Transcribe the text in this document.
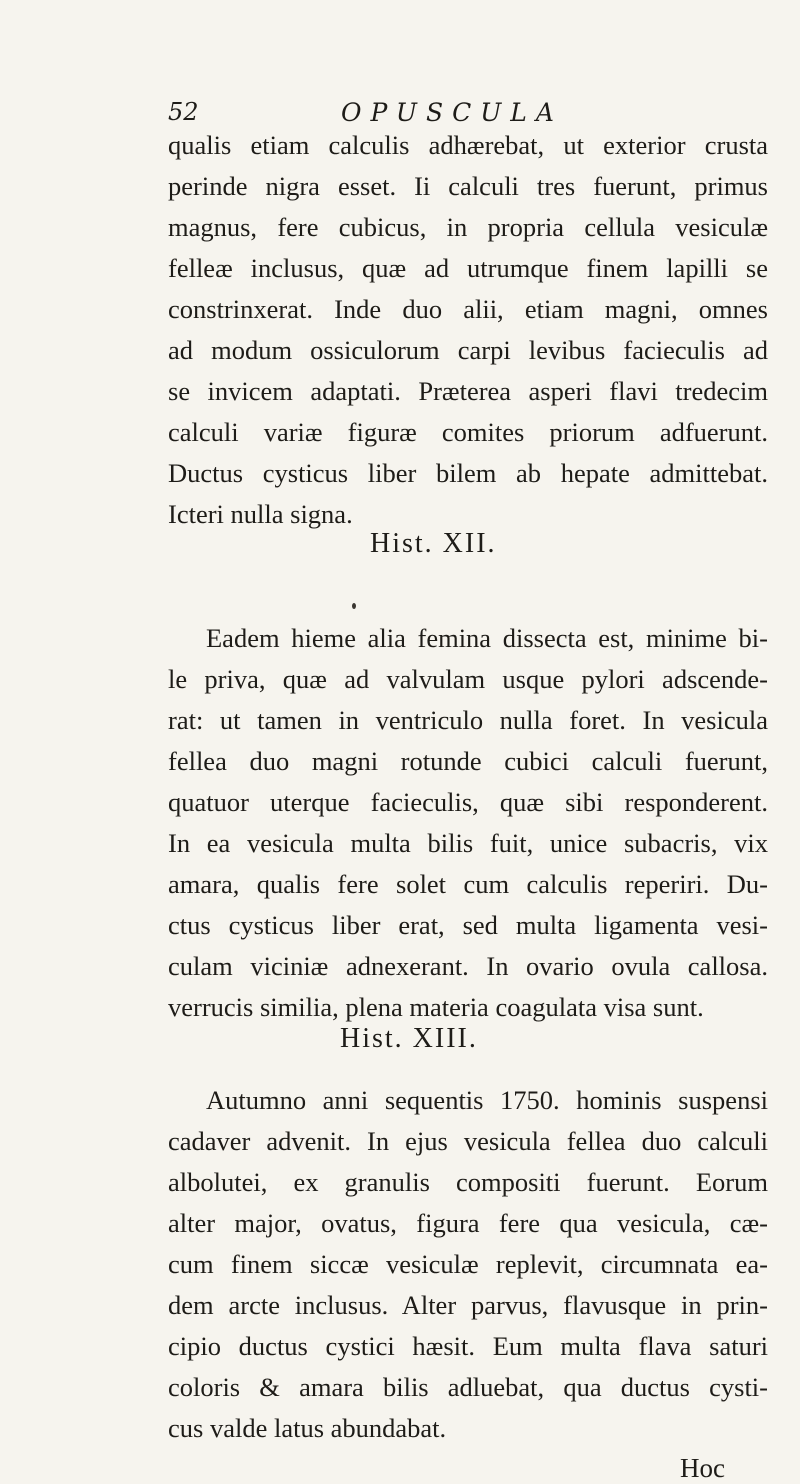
52	OPUSCULA
qualis etiam calculis adhærebat, ut exterior crusta
perinde nigra esset. Ii calculi tres fuerunt, primus
magnus, fere cubicus, in propria cellula vesiculæ
felleæ inclusus, quæ ad utrumque finem lapilli se
constrinxerat. Inde duo alii, etiam magni, omnes
ad modum ossiculorum carpi levibus facieculis ad
se invicem adaptati. Præterea asperi flavi tredecim
calculi variæ figuræ comites priorum adfuerunt.
Ductus cysticus liber bilem ab hepate admittebat.
Icteri nulla signa.
Hist. XII.
Eadem hieme alia femina dissecta est, minime bi-
le priva, quæ ad valvulam usque pylori adscende-
rat: ut tamen in ventriculo nulla foret. In vesicula
fellea duo magni rotunde cubici calculi fuerunt,
quatuor uterque facieculis, quæ sibi responderent.
In ea vesicula multa bilis fuit, unice subacris, vix
amara, qualis fere solet cum calculis reperiri. Du-
ctus cysticus liber erat, sed multa ligamenta vesi-
culam viciniæ adnexerant. In ovario ovula callosa.
verrucis similia, plena materia coagulata visa sunt.
Hist. XIII.
Autumno anni sequentis 1750. hominis suspensi
cadaver advenit. In ejus vesicula fellea duo calculi
albolutei, ex granulis compositi fuerunt. Eorum
alter major, ovatus, figura fere qua vesicula, cæ-
cum finem siccæ vesiculæ replevit, circumnata ea-
dem arcte inclusus. Alter parvus, flavusque in prin-
cipio ductus cystici hæsit. Eum multa flava saturi
coloris & amara bilis adluebat, qua ductus cysti-
cus valde latus abundabat.
Hoc
